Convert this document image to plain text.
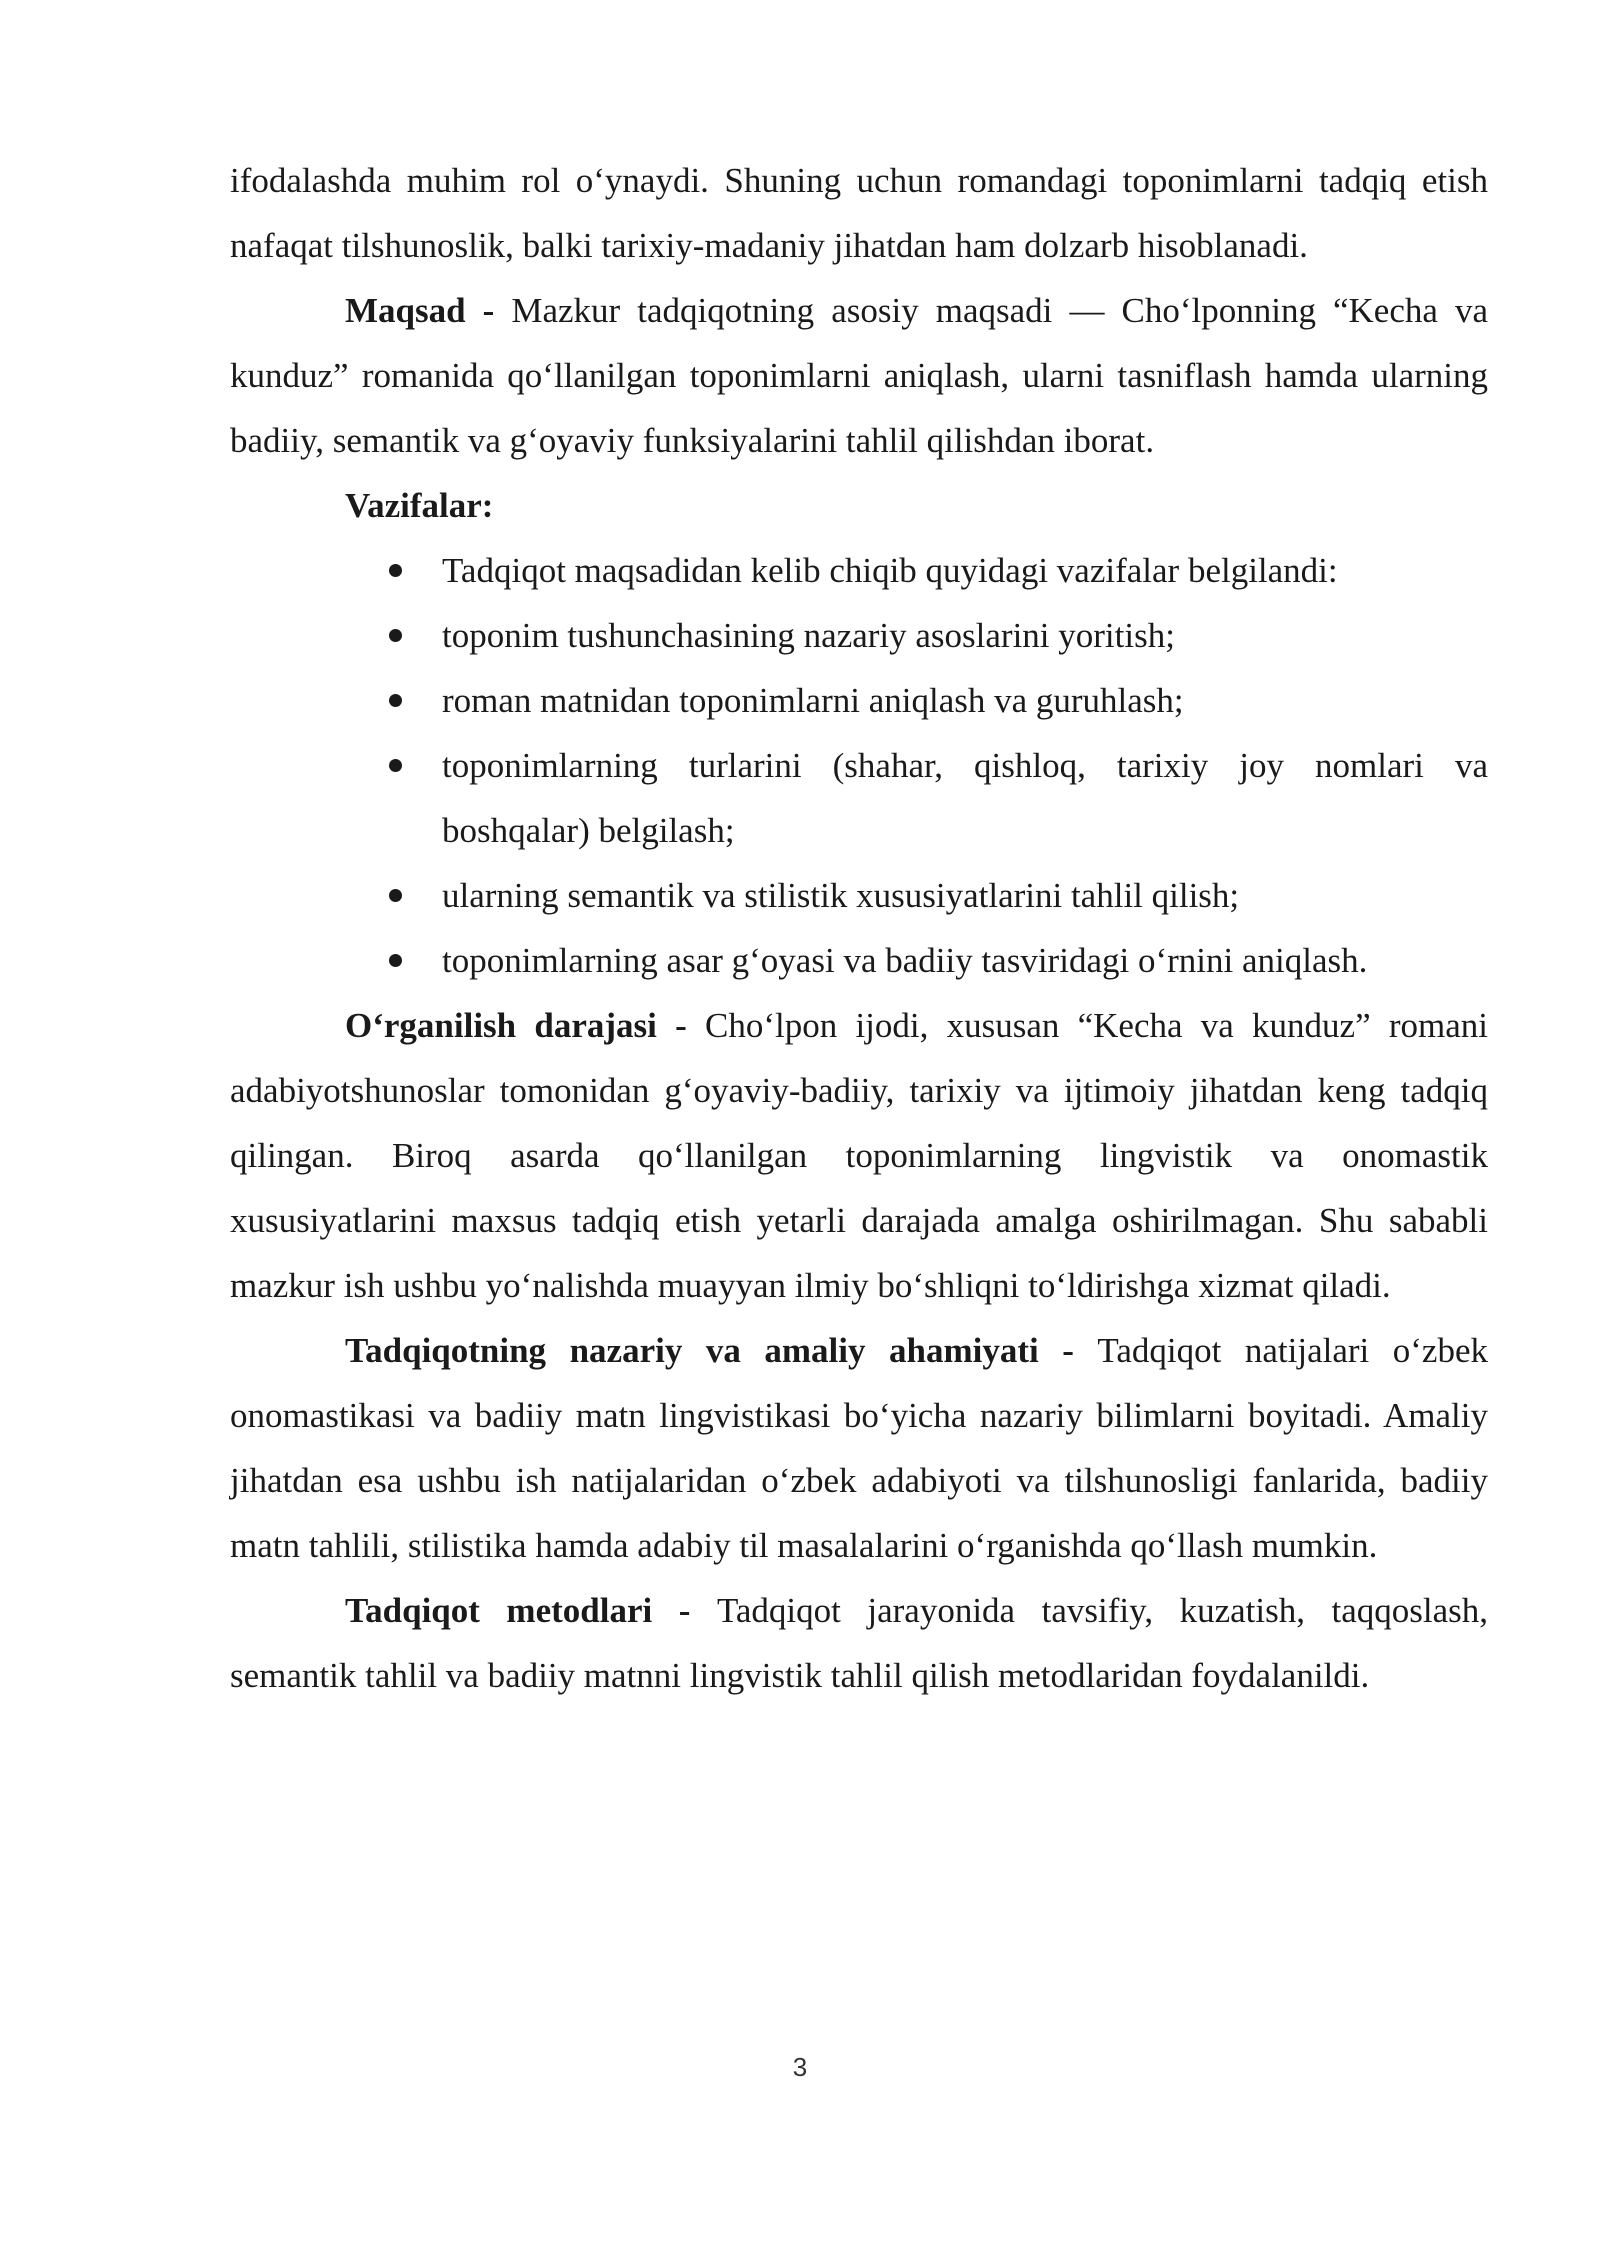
ifodalashda muhim rol o‘ynaydi. Shuning uchun romandagi toponimlarni tadqiq etish nafaqat tilshunoslik, balki tarixiy-madaniy jihatdan ham dolzarb hisoblanadi.

Maqsad - Mazkur tadqiqotning asosiy maqsadi — Cho‘lponning “Kecha va kunduz” romanida qo‘llanilgan toponimlarni aniqlash, ularni tasniflash hamda ularning badiiy, semantik va g‘oyaviy funksiyalarini tahlil qilishdan iborat.

Vazifalar:
Tadqiqot maqsadidan kelib chiqib quyidagi vazifalar belgilandi:
toponim tushunchasining nazariy asoslarini yoritish;
roman matnidan toponimlarni aniqlash va guruhlash;
toponimlarning turlarini (shahar, qishloq, tarixiy joy nomlari va boshqalar) belgilash;
ularning semantik va stilistik xususiyatlarini tahlil qilish;
toponimlarning asar g‘oyasi va badiiy tasviridagi o‘rnini aniqlash.

O‘rganilish darajasi - Cho‘lpon ijodi, xususan “Kecha va kunduz” romani adabiyotshunoslar tomonidan g‘oyaviy-badiiy, tarixiy va ijtimoiy jihatdan keng tadqiq qilingan. Biroq asarda qo‘llanilgan toponimlarning lingvistik va onomastik xususiyatlarini maxsus tadqiq etish yetarli darajada amalga oshirilmagan. Shu sababli mazkur ish ushbu yo‘nalishda muayyan ilmiy bo‘shliqni to‘ldirishga xizmat qiladi.

Tadqiqotning nazariy va amaliy ahamiyati - Tadqiqot natijalari o‘zbek onomastikasi va badiiy matn lingvistikasi bo‘yicha nazariy bilimlarni boyitadi. Amaliy jihatdan esa ushbu ish natijalaridan o‘zbek adabiyoti va tilshunosligi fanlarida, badiiy matn tahlili, stilistika hamda adabiy til masalalarini o‘rganishda qo‘llash mumkin.

Tadqiqot metodlari - Tadqiqot jarayonida tavsifiy, kuzatish, taqqoslash, semantik tahlil va badiiy matnni lingvistik tahlil qilish metodlaridan foydalanildi.

3
